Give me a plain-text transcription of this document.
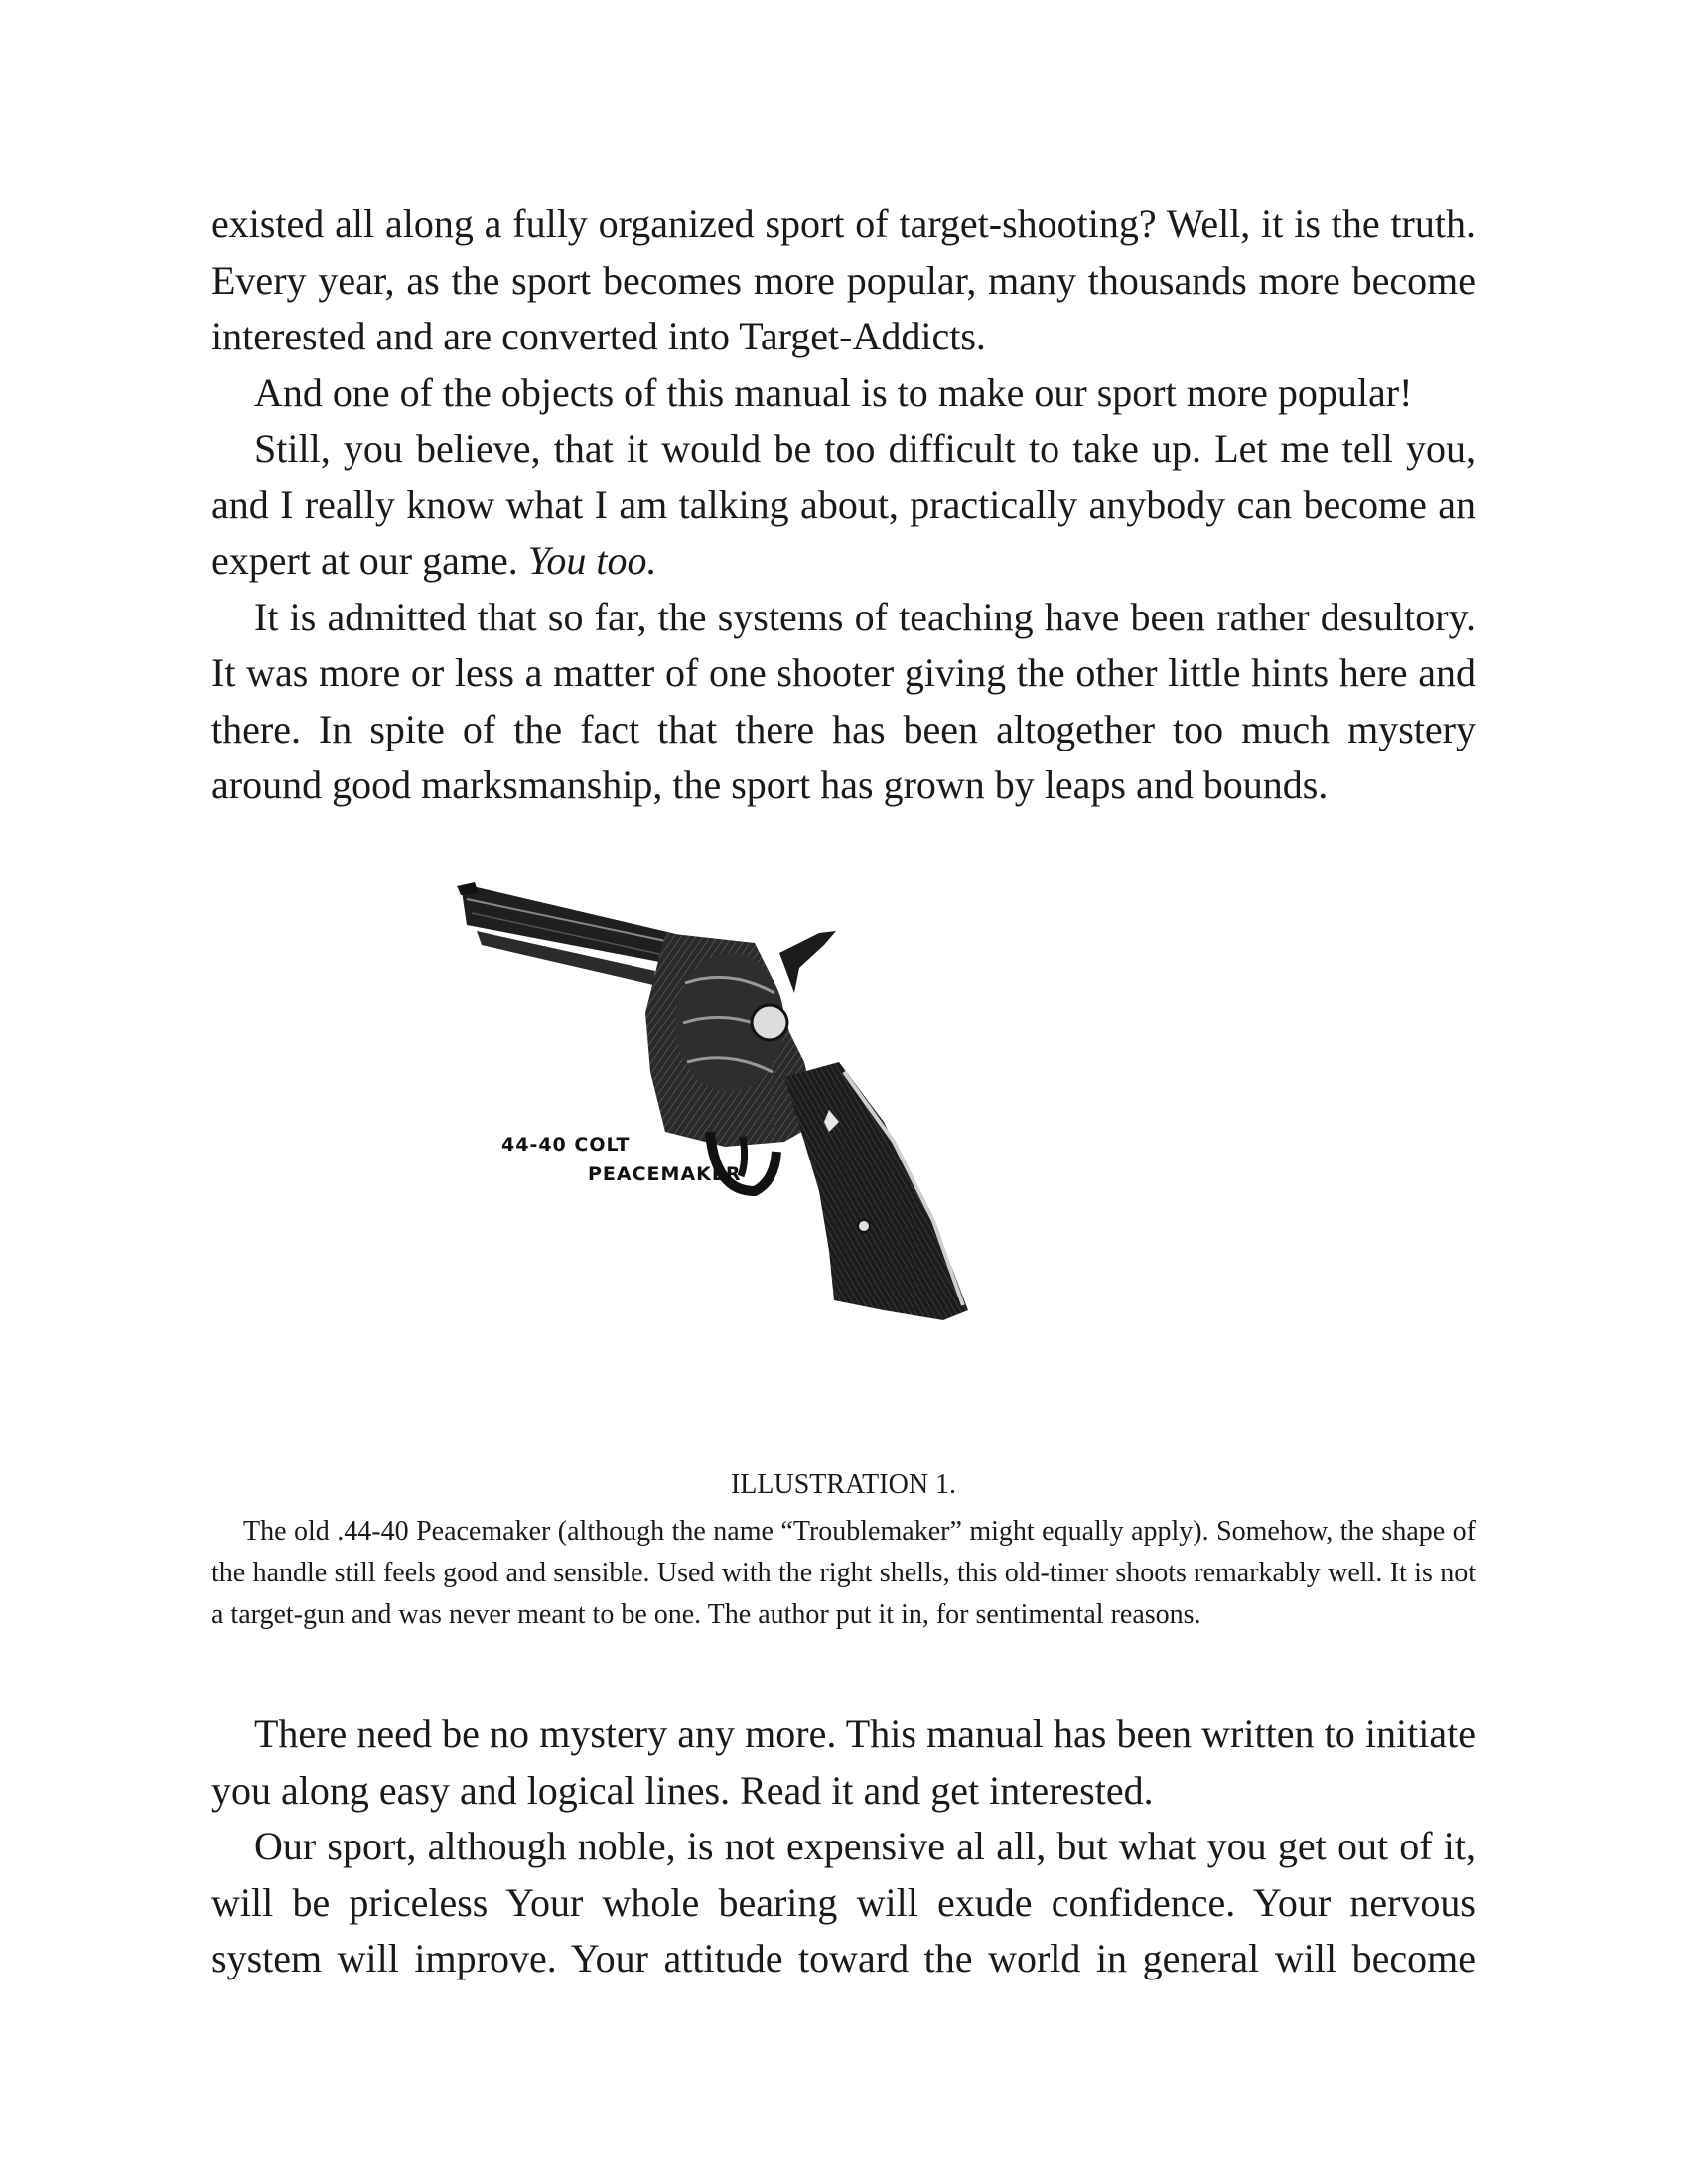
existed all along a fully organized sport of target-shooting? Well, it is the truth. Every year, as the sport becomes more popular, many thousands more become interested and are converted into Target-Addicts.

And one of the objects of this manual is to make our sport more popular!

Still, you believe, that it would be too difficult to take up. Let me tell you, and I really know what I am talking about, practically anybody can become an expert at our game. You too.

It is admitted that so far, the systems of teaching have been rather desultory. It was more or less a matter of one shooter giving the other little hints here and there. In spite of the fact that there has been altogether too much mystery around good marksmanship, the sport has grown by leaps and bounds.

44-40 COLT
PEACEMAKER

ILLUSTRATION 1.

The old .44-40 Peacemaker (although the name “Troublemaker” might equally apply). Somehow, the shape of the handle still feels good and sensible. Used with the right shells, this old-timer shoots remarkably well. It is not a target-gun and was never meant to be one. The author put it in, for sentimental reasons.

There need be no mystery any more. This manual has been written to initiate you along easy and logical lines. Read it and get interested.

Our sport, although noble, is not expensive al all, but what you get out of it, will be priceless Your whole bearing will exude confidence. Your nervous system will improve. Your attitude toward the world in general will become
